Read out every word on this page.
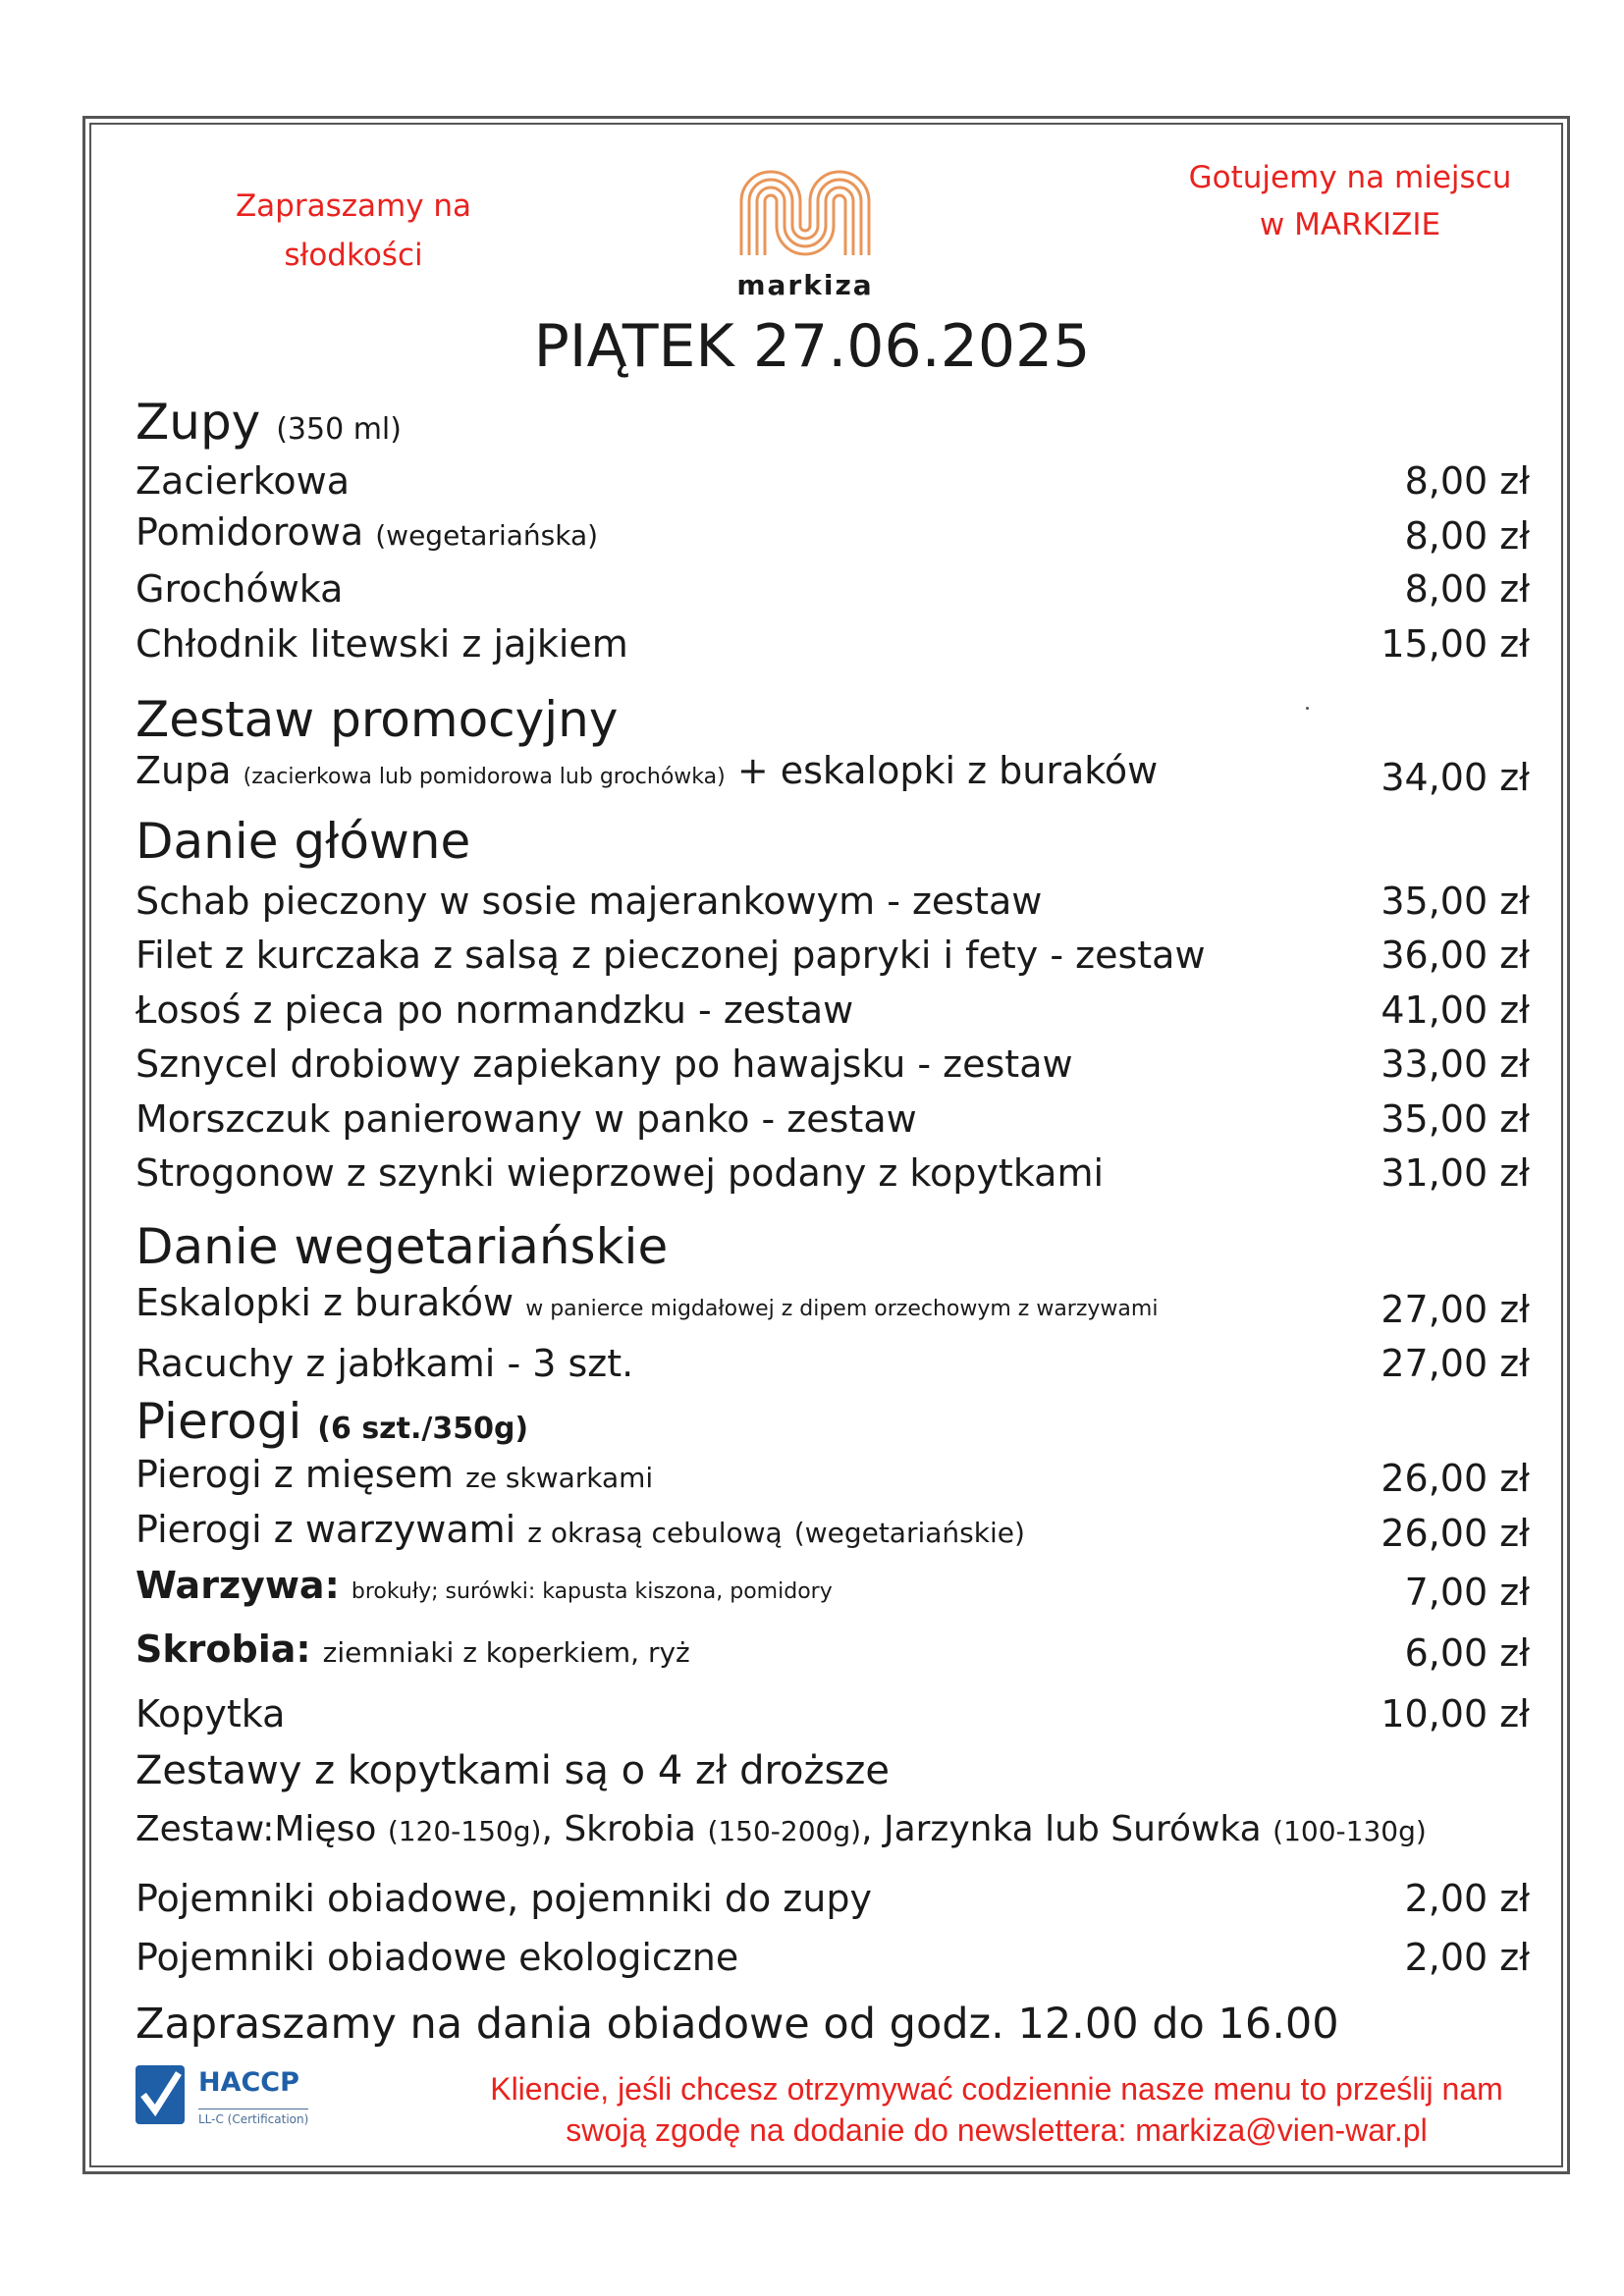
Zapraszamy na
słodkości
markiza
Gotujemy na miejscu
w MARKIZIE
PIĄTEK 27.06.2025
Zupy (350 ml)
Zacierkowa	8,00 zł
Pomidorowa (wegetariańska)	8,00 zł
Grochówka	8,00 zł
Chłodnik litewski z jajkiem	15,00 zł
Zestaw promocyjny
Zupa (zacierkowa lub pomidorowa lub grochówka) + eskalopki z buraków	34,00 zł
Danie główne
Schab pieczony w sosie majerankowym - zestaw	35,00 zł
Filet z kurczaka z salsą z pieczonej papryki i fety - zestaw	36,00 zł
Łosoś z pieca po normandzku - zestaw	41,00 zł
Sznycel drobiowy zapiekany po hawajsku - zestaw	33,00 zł
Morszczuk panierowany w panko - zestaw	35,00 zł
Strogonow z szynki wieprzowej podany z kopytkami	31,00 zł
Danie wegetariańskie
Eskalopki z buraków w panierce migdałowej z dipem orzechowym z warzywami	27,00 zł
Racuchy z jabłkami - 3 szt.	27,00 zł
Pierogi (6 szt./350g)
Pierogi z mięsem ze skwarkami	26,00 zł
Pierogi z warzywami z okrasą cebulową (wegetariańskie)	26,00 zł
Warzywa: brokuły; surówki: kapusta kiszona, pomidory	7,00 zł
Skrobia: ziemniaki z koperkiem, ryż	6,00 zł
Kopytka	10,00 zł
Zestawy z kopytkami są o 4 zł droższe
Zestaw:Mięso (120-150g), Skrobia (150-200g), Jarzynka lub Surówka (100-130g)
Pojemniki obiadowe, pojemniki do zupy	2,00 zł
Pojemniki obiadowe ekologiczne	2,00 zł
Zapraszamy na dania obiadowe od godz. 12.00 do 16.00
HACCP
LL-C (Certification)
Kliencie, jeśli chcesz otrzymywać codziennie nasze menu to prześlij nam
swoją zgodę na dodanie do newslettera: markiza@vien-war.pl
